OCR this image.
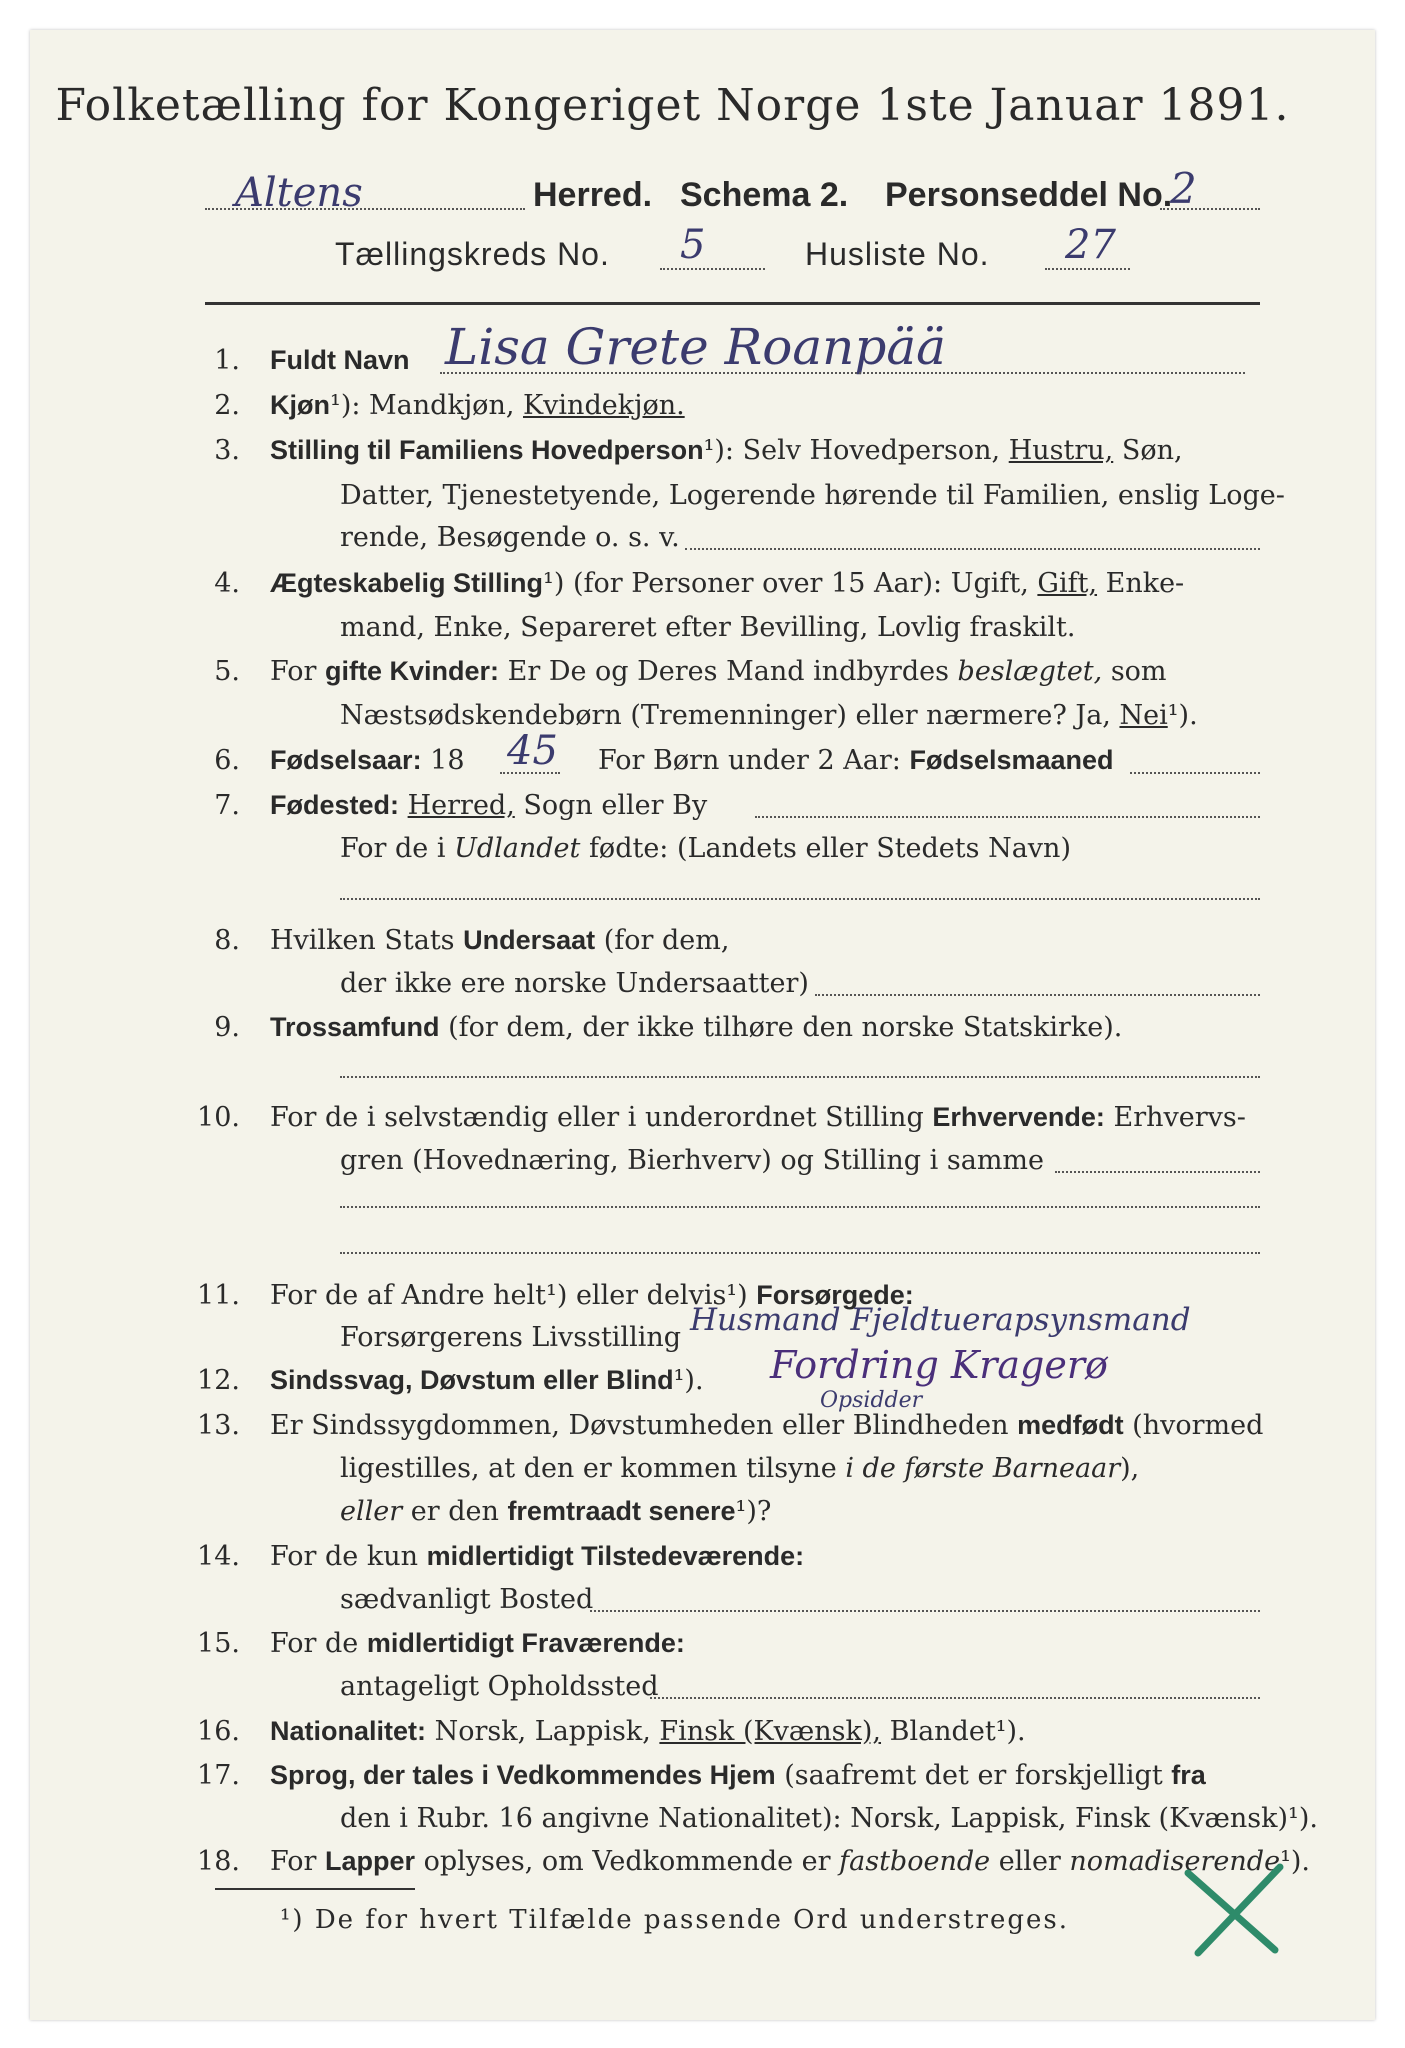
Folketælling for Kongeriget Norge 1ste Januar 1891.
Altens	Herred. Schema 2. Personseddel No.
2
Tællingskreds No. 5	Husliste No. 27
1. Fuldt Navn Lisa Grete Roanpää
2. Kjøn¹): Mandkjøn, Kvindekjøn.
3. Stilling til Familiens Hovedperson¹): Selv Hovedperson, Hustru, Søn,
Datter, Tjenestetyende, Logerende hørende til Familien, enslig Loge-
rende, Besøgende o. s. v.
4. Ægteskabelig Stilling¹) (for Personer over 15 Aar): Ugift, Gift, Enke-
mand, Enke, Separeret efter Bevilling, Lovlig fraskilt.
5. For gifte Kvinder: Er De og Deres Mand indbyrdes beslægtet, som
Næstsødskendebørn (Tremenninger) eller nærmere? Ja, Nei¹).
6. Fødselsaar: 18 45 For Børn under 2 Aar: Fødselsmaaned
7. Fødested: Herred, Sogn eller By
For de i Udlandet fødte: (Landets eller Stedets Navn)
8. Hvilken Stats Undersaat (for dem,
der ikke ere norske Undersaatter)
9. Trossamfund (for dem, der ikke tilhøre den norske Statskirke).
10. For de i selvstændig eller i underordnet Stilling Erhvervende: Erhvervs-
gren (Hovednæring, Bierhverv) og Stilling i samme
11. For de af Andre helt¹) eller delvis¹) Forsørgede:
Forsørgerens Livsstilling Husmand Fjeldtuerapsynsmand
12. Sindssvag, Døvstum eller Blind¹). Fordring Kragerø
Opsidder
13. Er Sindssygdommen, Døvstumheden eller Blindheden medfødt (hvormed
ligestilles, at den er kommen tilsyne i de første Barneaar),
eller er den fremtraadt senere¹)?
14. For de kun midlertidigt Tilstedeværende:
sædvanligt Bosted
15. For de midlertidigt Fraværende:
antageligt Opholdssted
16. Nationalitet: Norsk, Lappisk, Finsk (Kvænsk), Blandet¹).
17. Sprog, der tales i Vedkommendes Hjem (saafremt det er forskjelligt fra
den i Rubr. 16 angivne Nationalitet): Norsk, Lappisk, Finsk (Kvænsk)¹).
18. For Lapper oplyses, om Vedkommende er fastboende eller nomadiserende¹).
¹) De for hvert Tilfælde passende Ord understreges.
